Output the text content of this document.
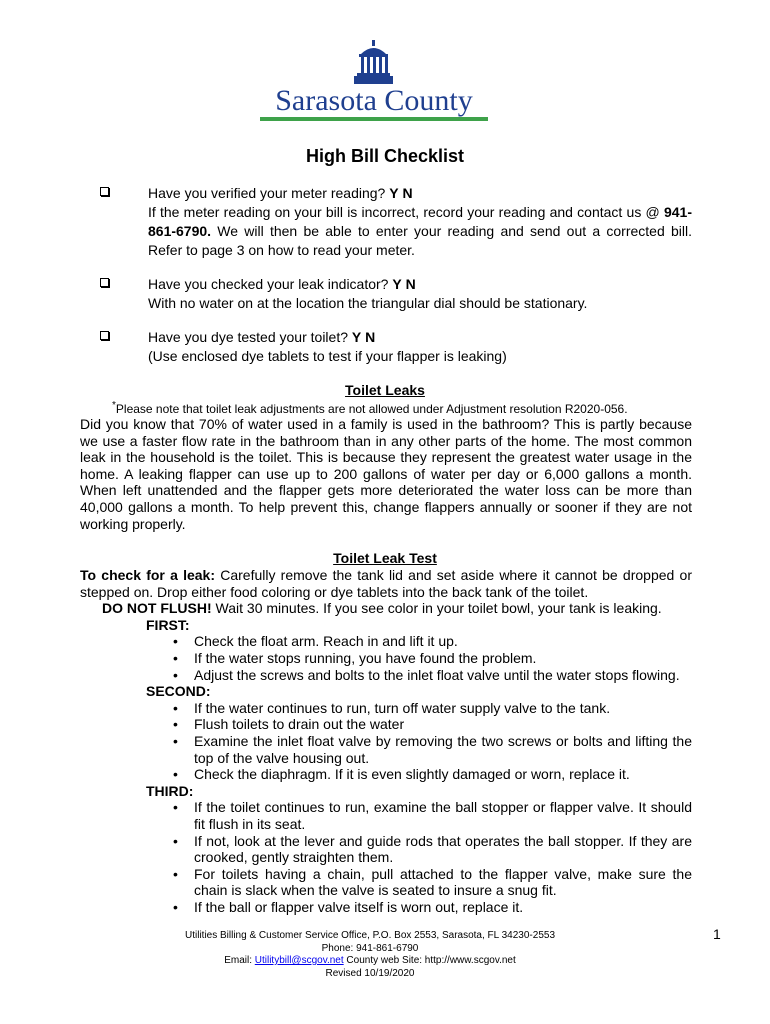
Sarasota County
High Bill Checklist
Have you verified your meter reading? Y N
If the meter reading on your bill is incorrect, record your reading and contact us @ 941-861-6790. We will then be able to enter your reading and send out a corrected bill. Refer to page 3 on how to read your meter.
Have you checked your leak indicator? Y N
With no water on at the location the triangular dial should be stationary.
Have you dye tested your toilet? Y N
(Use enclosed dye tablets to test if your flapper is leaking)
Toilet Leaks
*Please note that toilet leak adjustments are not allowed under Adjustment resolution R2020-056.
Did you know that 70% of water used in a family is used in the bathroom? This is partly because we use a faster flow rate in the bathroom than in any other parts of the home. The most common leak in the household is the toilet. This is because they represent the greatest water usage in the home. A leaking flapper can use up to 200 gallons of water per day or 6,000 gallons a month. When left unattended and the flapper gets more deteriorated the water loss can be more than 40,000 gallons a month. To help prevent this, change flappers annually or sooner if they are not working properly.
Toilet Leak Test
To check for a leak: Carefully remove the tank lid and set aside where it cannot be dropped or stepped on. Drop either food coloring or dye tablets into the back tank of the toilet.
DO NOT FLUSH! Wait 30 minutes. If you see color in your toilet bowl, your tank is leaking.
FIRST:
• Check the float arm. Reach in and lift it up.
• If the water stops running, you have found the problem.
• Adjust the screws and bolts to the inlet float valve until the water stops flowing.
SECOND:
• If the water continues to run, turn off water supply valve to the tank.
• Flush toilets to drain out the water
• Examine the inlet float valve by removing the two screws or bolts and lifting the top of the valve housing out.
• Check the diaphragm. If it is even slightly damaged or worn, replace it.
THIRD:
• If the toilet continues to run, examine the ball stopper or flapper valve. It should fit flush in its seat.
• If not, look at the lever and guide rods that operates the ball stopper. If they are crooked, gently straighten them.
• For toilets having a chain, pull attached to the flapper valve, make sure the chain is slack when the valve is seated to insure a snug fit.
• If the ball or flapper valve itself is worn out, replace it.
Utilities Billing & Customer Service Office, P.O. Box 2553, Sarasota, FL 34230-2553
Phone: 941-861-6790
Email: Utilitybill@scgov.net County web Site: http://www.scgov.net
Revised 10/19/2020
1
